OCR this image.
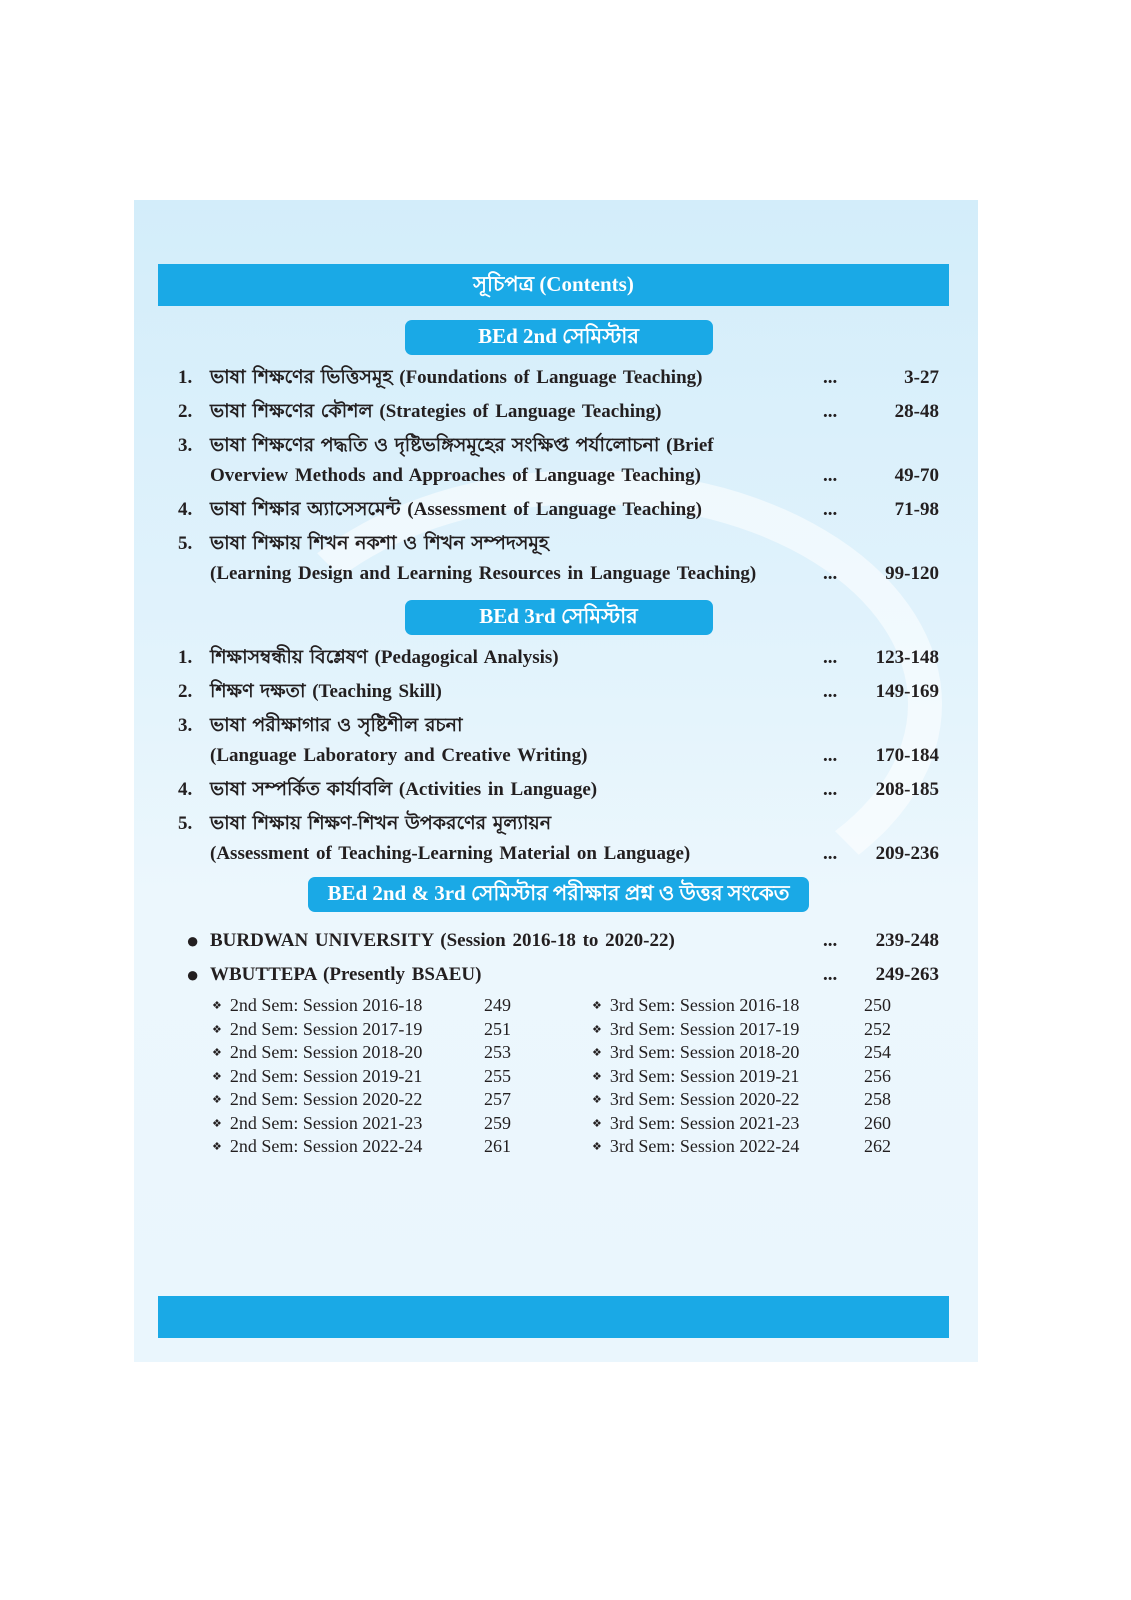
সূচিপত্র (Contents)
BEd 2nd সেমিস্টার
1. ভাষা শিক্ষণের ভিত্তিসমূহ (Foundations of Language Teaching)	...	3-27
2. ভাষা শিক্ষণের কৌশল (Strategies of Language Teaching)	...	28-48
3. ভাষা শিক্ষণের পদ্ধতি ও দৃষ্টিভঙ্গিসমূহের সংক্ষিপ্ত পর্যালোচনা (Brief
Overview Methods and Approaches of Language Teaching)	...	49-70
4. ভাষা শিক্ষার অ্যাসেসমেন্ট (Assessment of Language Teaching)	...	71-98
5. ভাষা শিক্ষায় শিখন নকশা ও শিখন সম্পদসমূহ
(Learning Design and Learning Resources in Language Teaching)	...	99-120
BEd 3rd সেমিস্টার
1. শিক্ষাসম্বন্ধীয় বিশ্লেষণ (Pedagogical Analysis)	... 123-148
2. শিক্ষণ দক্ষতা (Teaching Skill)	... 149-169
3. ভাষা পরীক্ষাগার ও সৃষ্টিশীল রচনা
(Language Laboratory and Creative Writing)	... 170-184
4. ভাষা সম্পর্কিত কার্যাবলি (Activities in Language)	... 208-185
5. ভাষা শিক্ষায় শিক্ষণ-শিখন উপকরণের মূল্যায়ন
(Assessment of Teaching-Learning Material on Language)	... 209-236
BEd 2nd & 3rd সেমিস্টার পরীক্ষার প্রশ্ন ও উত্তর সংকেত
● BURDWAN UNIVERSITY (Session 2016-18 to 2020-22)	... 239-248
● WBUTTEPA (Presently BSAEU)	... 249-263
❖ 2nd Sem: Session 2016-18	249
❖ 2nd Sem: Session 2017-19	251
❖ 2nd Sem: Session 2018-20	253
❖ 2nd Sem: Session 2019-21	255
❖ 2nd Sem: Session 2020-22	257
❖ 2nd Sem: Session 2021-23	259
❖ 2nd Sem: Session 2022-24	261
❖ 3rd Sem: Session 2016-18	250
❖ 3rd Sem: Session 2017-19	252
❖ 3rd Sem: Session 2018-20	254
❖ 3rd Sem: Session 2019-21	256
❖ 3rd Sem: Session 2020-22	258
❖ 3rd Sem: Session 2021-23	260
❖ 3rd Sem: Session 2022-24	262
